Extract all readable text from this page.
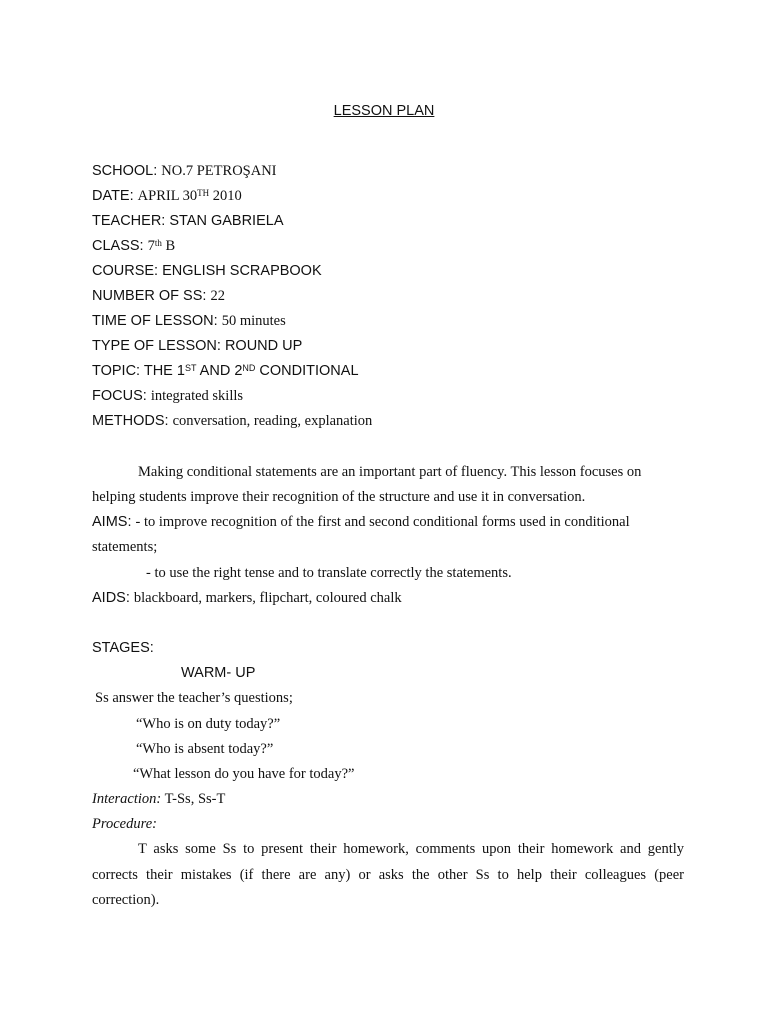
LESSON PLAN
SCHOOL: NO.7 PETROŞANI
DATE: APRIL 30TH 2010
TEACHER: STAN GABRIELA
CLASS: 7th B
COURSE: ENGLISH SCRAPBOOK
NUMBER OF SS: 22
TIME OF LESSON: 50 minutes
TYPE OF LESSON: ROUND UP
TOPIC: THE 1ST AND 2ND CONDITIONAL
FOCUS: integrated skills
METHODS: conversation, reading, explanation
Making conditional statements are an important part of fluency. This lesson focuses on
helping students improve their recognition of the structure and use it in conversation.
AIMS: - to improve recognition of the first and second conditional forms used in conditional
statements;
- to use the right tense and to translate correctly the statements.
AIDS: blackboard, markers, flipchart, coloured chalk
STAGES:
WARM- UP
Ss answer the teacher’s questions;
“Who is on duty today?”
“Who is absent today?”
“What lesson do you have for today?”
Interaction: T-Ss, Ss-T
Procedure:
T asks some Ss to present their homework, comments upon their homework and gently
corrects their mistakes (if there are any) or asks the other Ss to help their colleagues (peer
correction).
